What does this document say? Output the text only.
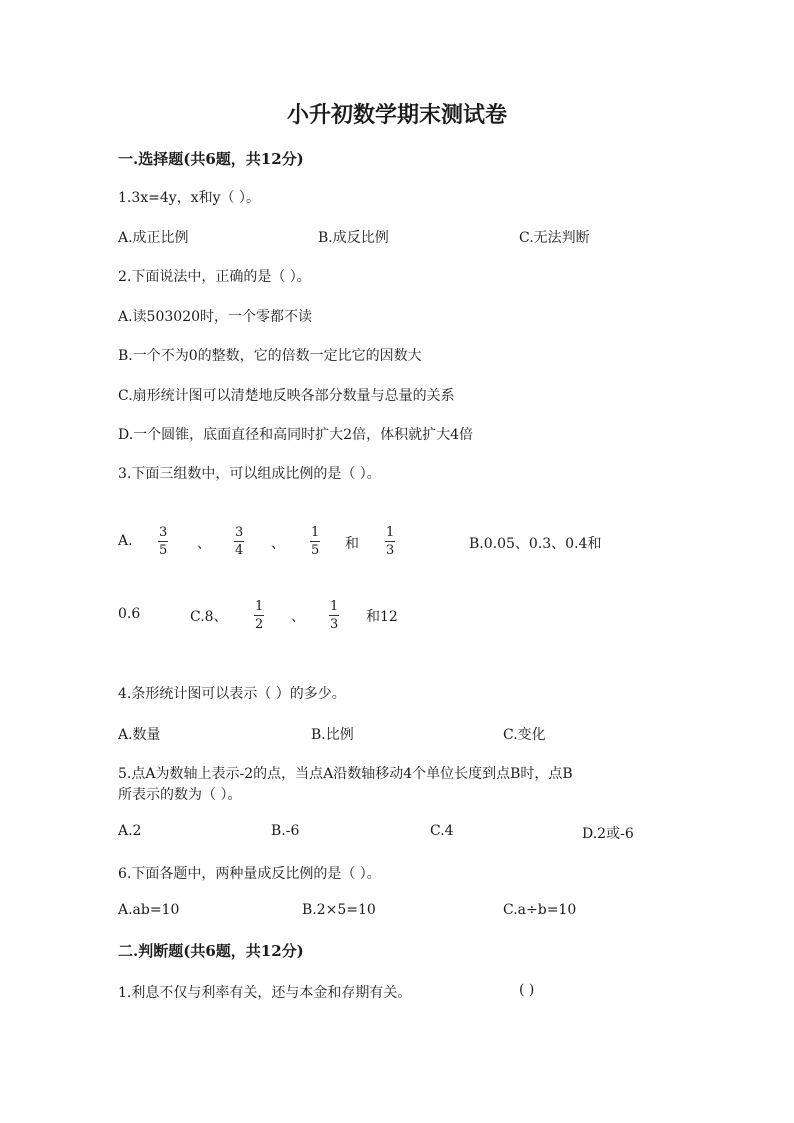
小升初数学期末测试卷
一.选择题(共6题，共12分)
1.3x=4y，x和y（ ）。
A.成正比例	B.成反比例	C.无法判断
2.下面说法中，正确的是（ ）。
A.读503020时，一个零都不读
B.一个不为0的整数，它的倍数一定比它的因数大
C.扇形统计图可以清楚地反映各部分数量与总量的关系
D.一个圆锥，底面直径和高同时扩大2倍，体积就扩大4倍
3.下面三组数中，可以组成比例的是（ ）。
A. $\frac{3}{5}$ 、 $\frac{3}{4}$ 、 $\frac{1}{5}$ 和 $\frac{1}{3}$	B.0.05、0.3、0.4和
0.6	C.8、 $\frac{1}{2}$ 、 $\frac{1}{3}$ 和12
4.条形统计图可以表示（ ）的多少。
A.数量	B.比例	C.变化
5.点A为数轴上表示-2的点，当点A沿数轴移动4个单位长度到点B时，点B
所表示的数为（ ）。
A.2	B.-6	C.4	D.2或-6
6.下面各题中，两种量成反比例的是（ ）。
A.ab=10	B.2×5=10	C.a÷b=10
二.判断题(共6题，共12分)
1.利息不仅与利率有关，还与本金和存期有关。	( )
